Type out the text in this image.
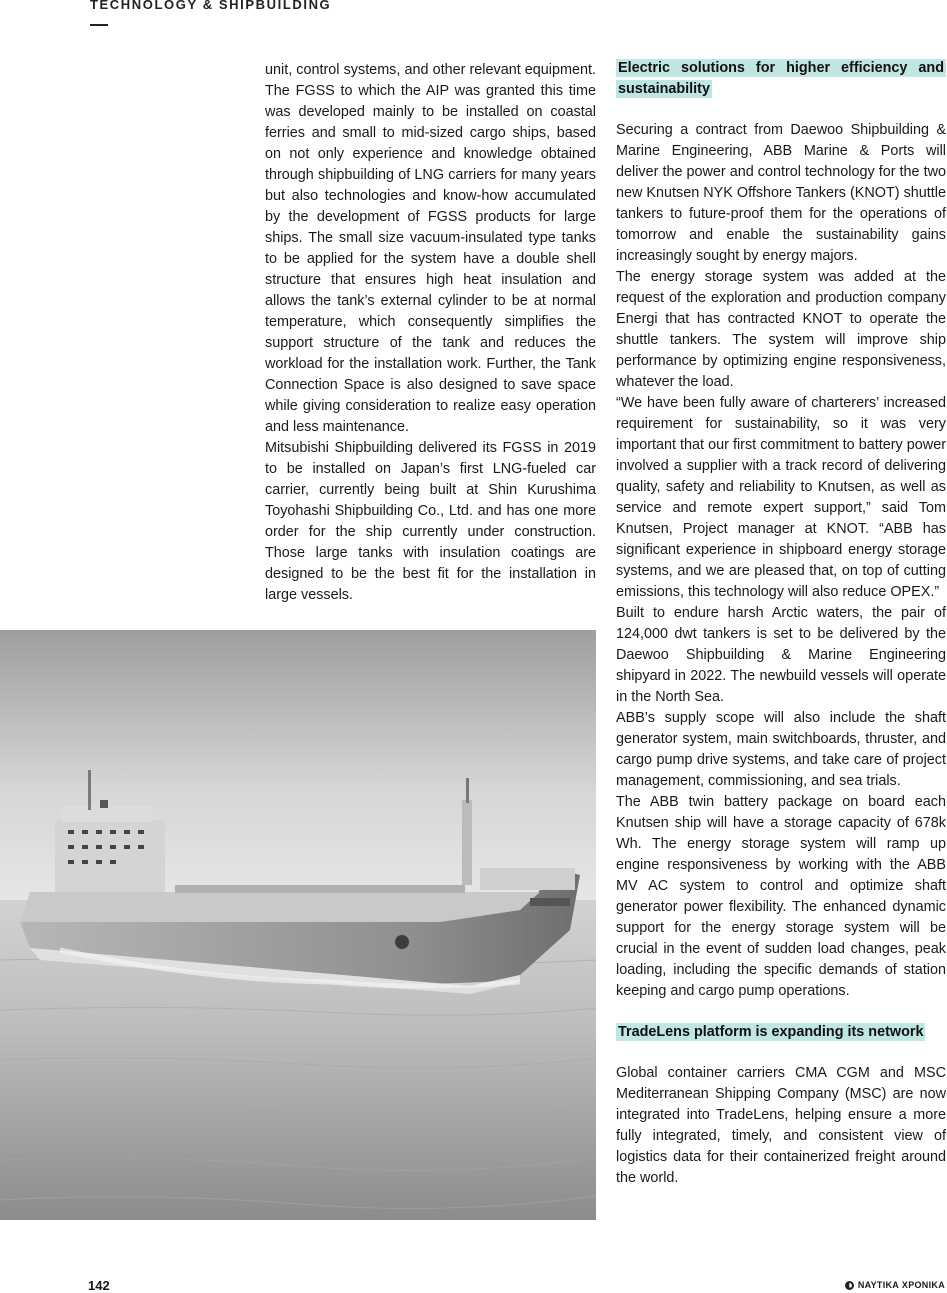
TECHNOLOGY & SHIPBUILDING

unit, control systems, and other relevant equipment. The FGSS to which the AIP was granted this time was developed mainly to be installed on coastal ferries and small to mid-sized cargo ships, based on not only experience and knowledge obtained through shipbuilding of LNG carriers for many years but also technologies and know-how accumulated by the development of FGSS products for large ships. The small size vacuum-insulated type tanks to be applied for the system have a double shell structure that ensures high heat insulation and allows the tank’s external cylinder to be at normal temperature, which consequently simplifies the support structure of the tank and reduces the workload for the installation work. Further, the Tank Connection Space is also designed to save space while giving consideration to realize easy operation and less maintenance.

Mitsubishi Shipbuilding delivered its FGSS in 2019 to be installed on Japan’s first LNG-fueled car carrier, currently being built at Shin Kurushima Toyohashi Shipbuilding Co., Ltd. and has one more order for the ship currently under construction. Those large tanks with insulation coatings are designed to be the best fit for the installation in large vessels.

Electric solutions for higher efficiency and sustainability

Securing a contract from Daewoo Shipbuilding & Marine Engineering, ABB Marine & Ports will deliver the power and control technology for the two new Knutsen NYK Offshore Tankers (KNOT) shuttle tankers to future-proof them for the operations of tomorrow and enable the sustainability gains increasingly sought by energy majors.

The energy storage system was added at the request of the exploration and production company Energi that has contracted KNOT to operate the shuttle tankers. The system will improve ship performance by optimizing engine responsiveness, whatever the load.

“We have been fully aware of charterers’ increased requirement for sustainability, so it was very important that our first commitment to battery power involved a supplier with a track record of delivering quality, safety and reliability to Knutsen, as well as service and remote expert support,” said Tom Knutsen, Project manager at KNOT. “ABB has significant experience in shipboard energy storage systems, and we are pleased that, on top of cutting emissions, this technology will also reduce OPEX.”

Built to endure harsh Arctic waters, the pair of 124,000 dwt tankers is set to be delivered by the Daewoo Shipbuilding & Marine Engineering shipyard in 2022. The newbuild vessels will operate in the North Sea.

ABB’s supply scope will also include the shaft generator system, main switchboards, thruster, and cargo pump drive systems, and take care of project management, commissioning, and sea trials.

The ABB twin battery package on board each Knutsen ship will have a storage capacity of 678k Wh. The energy storage system will ramp up engine responsiveness by working with the ABB MV AC system to control and optimize shaft generator power flexibility. The enhanced dynamic support for the energy storage system will be crucial in the event of sudden load changes, peak loading, including the specific demands of station keeping and cargo pump operations.

TradeLens platform is expanding its network

Global container carriers CMA CGM and MSC Mediterranean Shipping Company (MSC) are now integrated into TradeLens, helping ensure a more fully integrated, timely, and consistent view of logistics data for their containerized freight around the world.

142	ΝΑΥΤΙΚΑ ΧΡΟΝΙΚΑ
